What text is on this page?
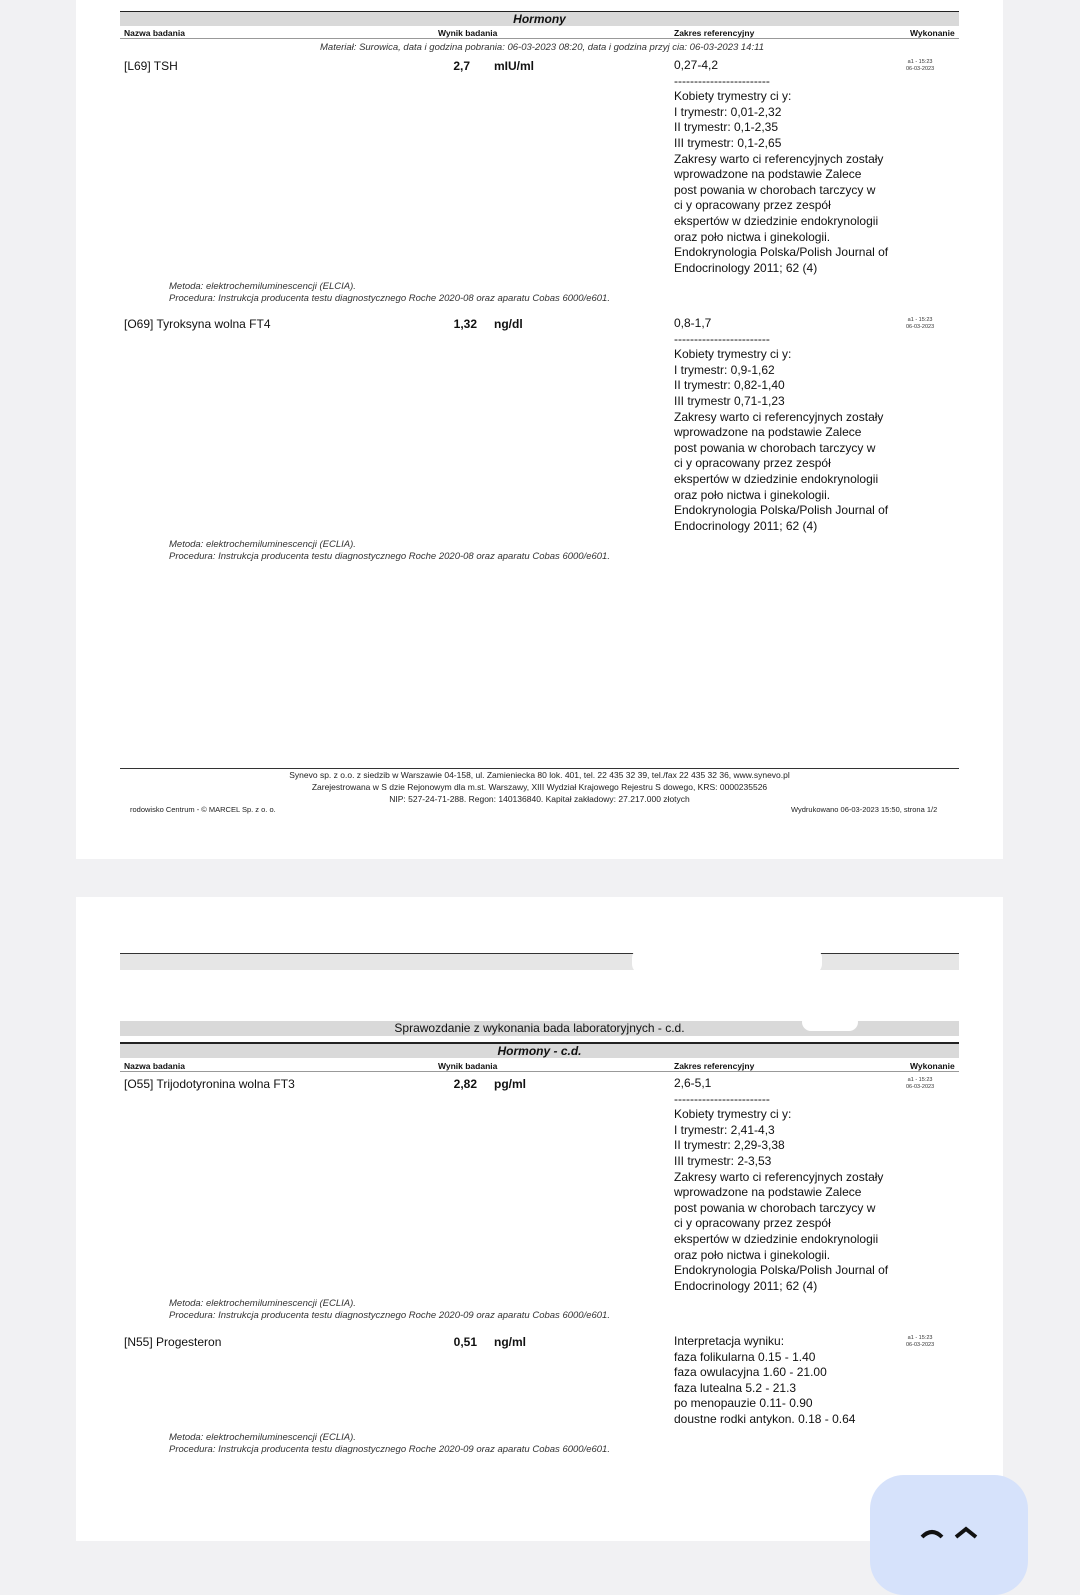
Hormony
Nazwa badania	Wynik badania	Zakres referencyjny	Wykonanie
Materiał: Surowica, data i godzina pobrania: 06-03-2023 08:20, data i godzina przyj cia: 06-03-2023 14:11
[L69] TSH	2,7 mIU/ml	0,27-4,2
------------------------
Kobiety trymestry ci y:
I trymestr: 0,01-2,32
II trymestr: 0,1-2,35
III trymestr: 0,1-2,65
Zakresy warto ci referencyjnych zostały
wprowadzone na podstawie Zalece
post powania w chorobach tarczycy w
ci y opracowany przez zespół
ekspertów w dziedzinie endokrynologii
oraz poło nictwa i ginekologii.
Endokrynologia Polska/Polish Journal of
Endocrinology 2011; 62 (4)
a1 - 15:23
06-03-2023
Metoda: elektrochemiluminescencji (ELCIA).
Procedura: Instrukcja producenta testu diagnostycznego Roche 2020-08 oraz aparatu Cobas 6000/e601.
[O69] Tyroksyna wolna FT4	1,32 ng/dl	0,8-1,7
------------------------
Kobiety trymestry ci y:
I trymestr: 0,9-1,62
II trymestr: 0,82-1,40
III trymestr 0,71-1,23
Zakresy warto ci referencyjnych zostały
wprowadzone na podstawie Zalece
post powania w chorobach tarczycy w
ci y opracowany przez zespół
ekspertów w dziedzinie endokrynologii
oraz poło nictwa i ginekologii.
Endokrynologia Polska/Polish Journal of
Endocrinology 2011; 62 (4)
a1 - 15:23
06-03-2023
Metoda: elektrochemiluminescencji (ECLIA).
Procedura: Instrukcja producenta testu diagnostycznego Roche 2020-08 oraz aparatu Cobas 6000/e601.
Synevo sp. z o.o. z siedzib w Warszawie 04-158, ul. Zamieniecka 80 lok. 401, tel. 22 435 32 39, tel./fax 22 435 32 36, www.synevo.pl
Zarejestrowana w S dzie Rejonowym dla m.st. Warszawy, XIII Wydział Krajowego Rejestru S dowego, KRS: 0000235526
NIP: 527-24-71-288. Regon: 140136840. Kapitał zakładowy: 27.217.000 złotych
rodowisko Centrum - © MARCEL Sp. z o. o.	Wydrukowano 06-03-2023 15:50, strona 1/2
Sprawozdanie z wykonania bada laboratoryjnych - c.d.
Hormony - c.d.
Nazwa badania	Wynik badania	Zakres referencyjny	Wykonanie
[O55] Trijodotyronina wolna FT3	2,82 pg/ml	2,6-5,1
------------------------
Kobiety trymestry ci y:
I trymestr: 2,41-4,3
II trymestr: 2,29-3,38
III trymestr: 2-3,53
Zakresy warto ci referencyjnych zostały
wprowadzone na podstawie Zalece
post powania w chorobach tarczycy w
ci y opracowany przez zespół
ekspertów w dziedzinie endokrynologii
oraz poło nictwa i ginekologii.
Endokrynologia Polska/Polish Journal of
Endocrinology 2011; 62 (4)
a1 - 15:23
06-03-2023
Metoda: elektrochemiluminescencji (ECLIA).
Procedura: Instrukcja producenta testu diagnostycznego Roche 2020-09 oraz aparatu Cobas 6000/e601.
[N55] Progesteron	0,51 ng/ml	Interpretacja wyniku:
faza folikularna 0.15 - 1.40
faza owulacyjna 1.60 - 21.00
faza lutealna 5.2 - 21.3
po menopauzie 0.11- 0.90
doustne rodki antykon. 0.18 - 0.64
a1 - 15:23
06-03-2023
Metoda: elektrochemiluminescencji (ECLIA).
Procedura: Instrukcja producenta testu diagnostycznego Roche 2020-09 oraz aparatu Cobas 6000/e601.
